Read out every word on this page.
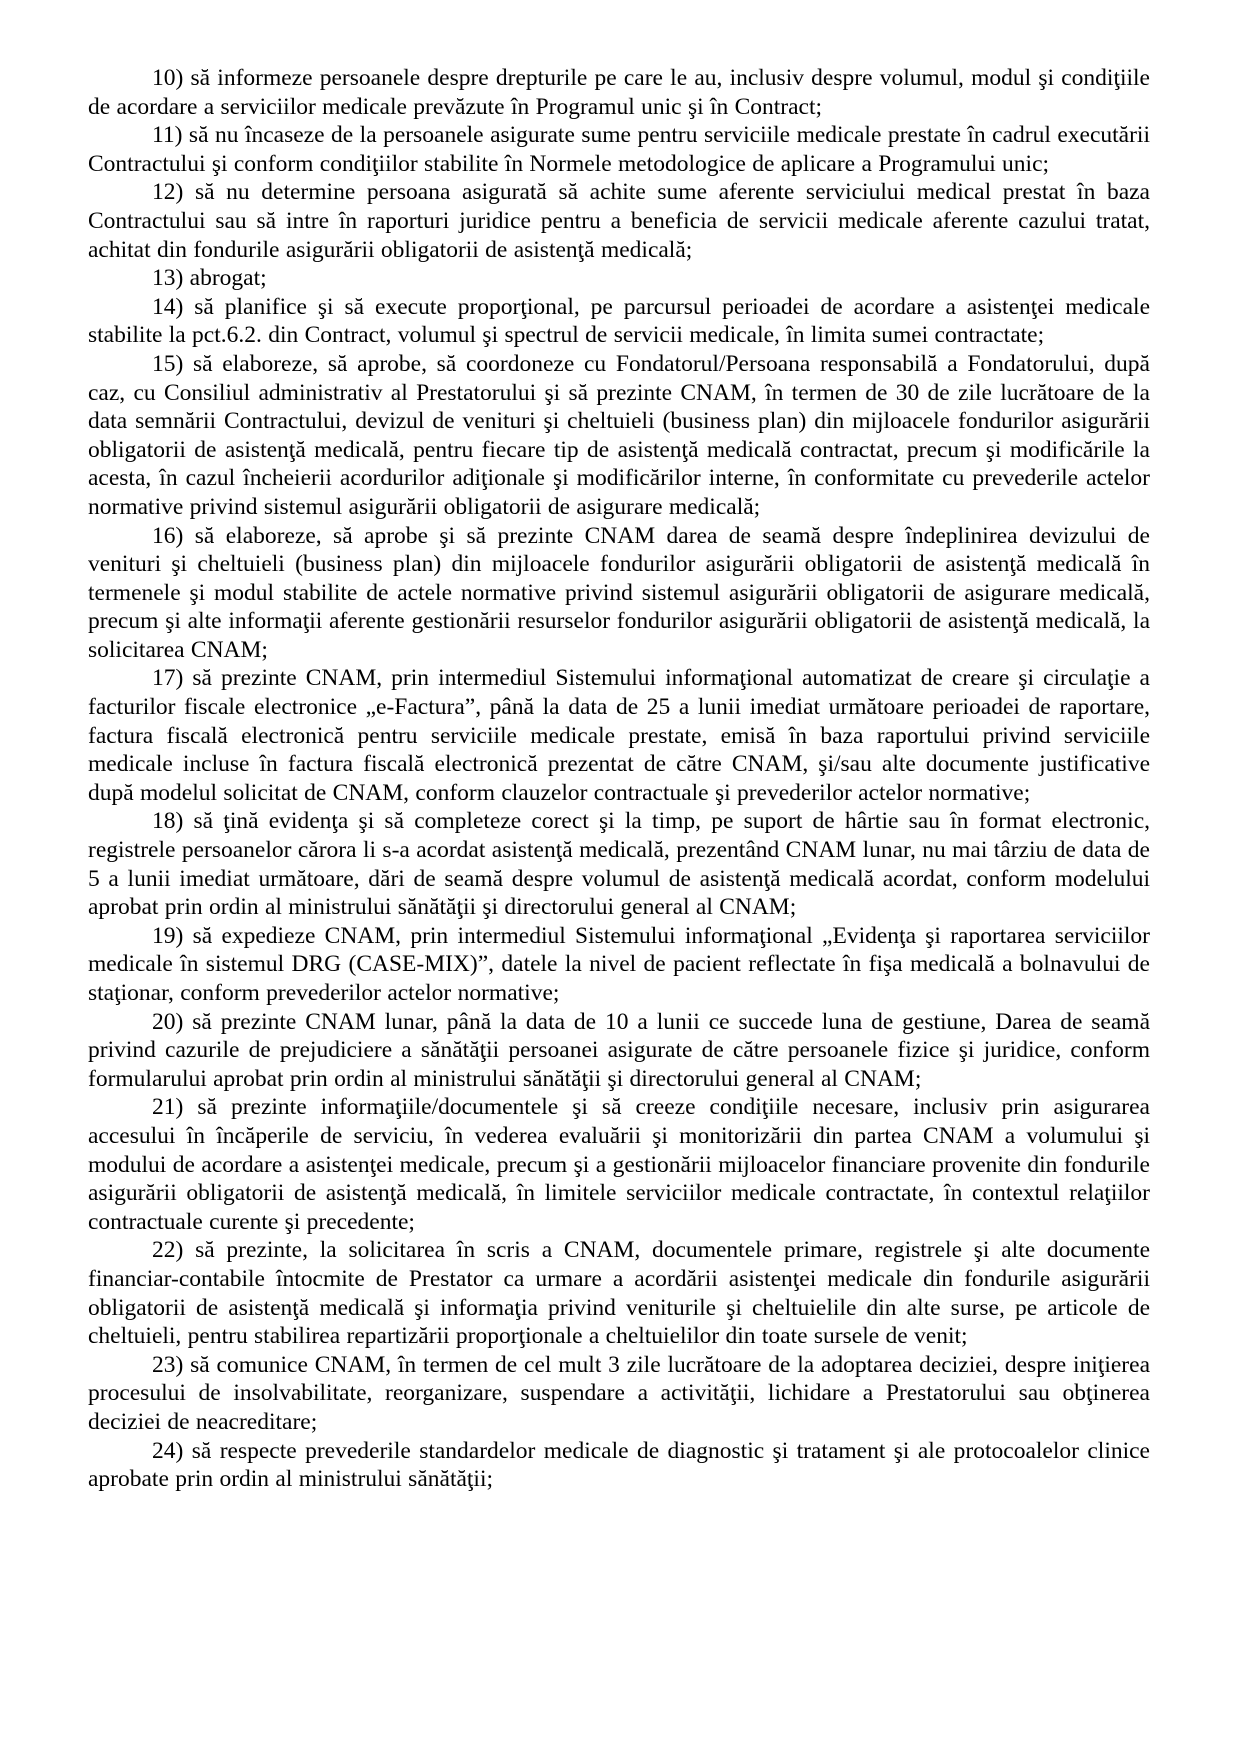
10) să informeze persoanele despre drepturile pe care le au, inclusiv despre volumul, modul şi condiţiile de acordare a serviciilor medicale prevăzute în Programul unic şi în Contract;

11) să nu încaseze de la persoanele asigurate sume pentru serviciile medicale prestate în cadrul executării Contractului şi conform condiţiilor stabilite în Normele metodologice de aplicare a Programului unic;

12) să nu determine persoana asigurată să achite sume aferente serviciului medical prestat în baza Contractului sau să intre în raporturi juridice pentru a beneficia de servicii medicale aferente cazului tratat, achitat din fondurile asigurării obligatorii de asistenţă medicală;

13) abrogat;

14) să planifice şi să execute proporţional, pe parcursul perioadei de acordare a asistenţei medicale stabilite la pct.6.2. din Contract, volumul şi spectrul de servicii medicale, în limita sumei contractate;

15) să elaboreze, să aprobe, să coordoneze cu Fondatorul/Persoana responsabilă a Fondatorului, după caz, cu Consiliul administrativ al Prestatorului şi să prezinte CNAM, în termen de 30 de zile lucrătoare de la data semnării Contractului, devizul de venituri şi cheltuieli (business plan) din mijloacele fondurilor asigurării obligatorii de asistenţă medicală, pentru fiecare tip de asistenţă medicală contractat, precum şi modificările la acesta, în cazul încheierii acordurilor adiţionale şi modificărilor interne, în conformitate cu prevederile actelor normative privind sistemul asigurării obligatorii de asigurare medicală;

16) să elaboreze, să aprobe şi să prezinte CNAM darea de seamă despre îndeplinirea devizului de venituri şi cheltuieli (business plan) din mijloacele fondurilor asigurării obligatorii de asistenţă medicală în termenele şi modul stabilite de actele normative privind sistemul asigurării obligatorii de asigurare medicală, precum şi alte informaţii aferente gestionării resurselor fondurilor asigurării obligatorii de asistenţă medicală, la solicitarea CNAM;

17) să prezinte CNAM, prin intermediul Sistemului informaţional automatizat de creare şi circulaţie a facturilor fiscale electronice „e-Factura”, până la data de 25 a lunii imediat următoare perioadei de raportare, factura fiscală electronică pentru serviciile medicale prestate, emisă în baza raportului privind serviciile medicale incluse în factura fiscală electronică prezentat de către CNAM, şi/sau alte documente justificative după modelul solicitat de CNAM, conform clauzelor contractuale şi prevederilor actelor normative;

18) să ţină evidenţa şi să completeze corect şi la timp, pe suport de hârtie sau în format electronic, registrele persoanelor cărora li s-a acordat asistenţă medicală, prezentând CNAM lunar, nu mai târziu de data de 5 a lunii imediat următoare, dări de seamă despre volumul de asistenţă medicală acordat, conform modelului aprobat prin ordin al ministrului sănătăţii şi directorului general al CNAM;

19) să expedieze CNAM, prin intermediul Sistemului informaţional „Evidenţa şi raportarea serviciilor medicale în sistemul DRG (CASE-MIX)”, datele la nivel de pacient reflectate în fişa medicală a bolnavului de staţionar, conform prevederilor actelor normative;

20) să prezinte CNAM lunar, până la data de 10 a lunii ce succede luna de gestiune, Darea de seamă privind cazurile de prejudiciere a sănătăţii persoanei asigurate de către persoanele fizice şi juridice, conform formularului aprobat prin ordin al ministrului sănătăţii şi directorului general al CNAM;

21) să prezinte informaţiile/documentele şi să creeze condiţiile necesare, inclusiv prin asigurarea accesului în încăperile de serviciu, în vederea evaluării şi monitorizării din partea CNAM a volumului şi modului de acordare a asistenţei medicale, precum şi a gestionării mijloacelor financiare provenite din fondurile asigurării obligatorii de asistenţă medicală, în limitele serviciilor medicale contractate, în contextul relaţiilor contractuale curente şi precedente;

22) să prezinte, la solicitarea în scris a CNAM, documentele primare, registrele şi alte documente financiar-contabile întocmite de Prestator ca urmare a acordării asistenţei medicale din fondurile asigurării obligatorii de asistenţă medicală şi informaţia privind veniturile şi cheltuielile din alte surse, pe articole de cheltuieli, pentru stabilirea repartizării proporţionale a cheltuielilor din toate sursele de venit;

23) să comunice CNAM, în termen de cel mult 3 zile lucrătoare de la adoptarea deciziei, despre iniţierea procesului de insolvabilitate, reorganizare, suspendare a activităţii, lichidare a Prestatorului sau obţinerea deciziei de neacreditare;

24) să respecte prevederile standardelor medicale de diagnostic şi tratament şi ale protocoalelor clinice aprobate prin ordin al ministrului sănătăţii;
